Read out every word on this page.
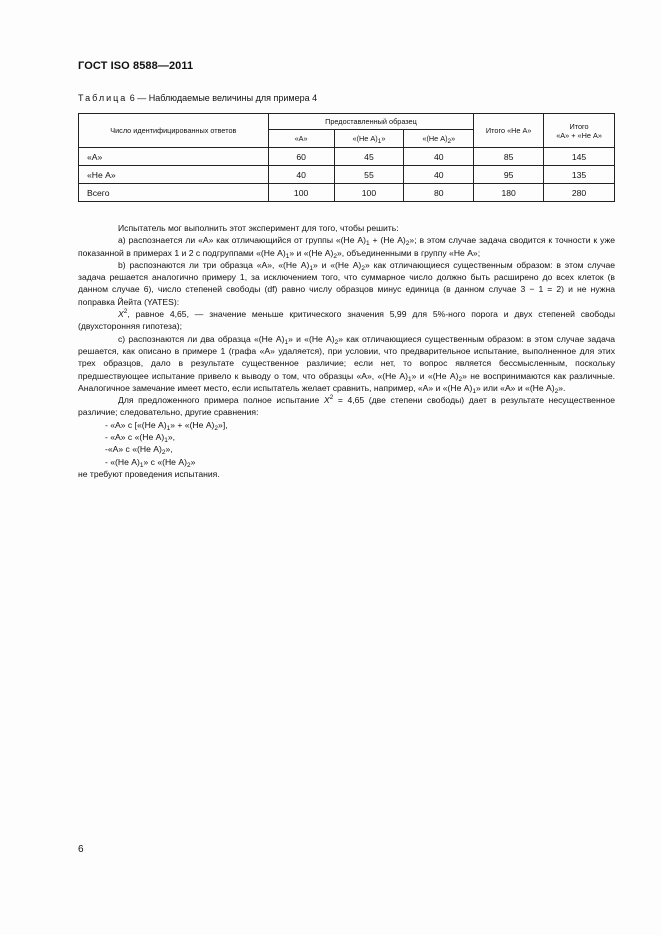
ГОСТ ISO 8588—2011
Таблица 6 — Наблюдаемые величины для примера 4
Число идентифицированных ответов	Предоставленный образец			Итого «Не А»	Итого
«А» + «Не А»
	«А»	«(Не $А)_1$»	«(Не $А)_2$»		
«А»	60	45	40	85	145
«Не А»	40	55	40	95	135
Всего	100	100	80	180	280

Испытатель мог выполнить этот эксперимент для того, чтобы решить:

a) распознается ли «А» как отличающийся от группы «(Не $А)_1 + (Не$ $А)_2$»; в этом случае задача сводится к точности к уже показанной в примерах 1 и 2 с подгруппами «(Не $А)_1$» и «(Не $А)_2$», объединенными в группу «Не А»;

b) распознаются ли три образца «А», «(Не $А)_1$» и «(Не $А)_2$» как отличающиеся существенным образом: в этом случае задача решается аналогично примеру 1, за исключением того, что суммарное число должно быть расширено до всех клеток (в данном случае 6), число степеней свободы (df) равно числу образцов минус единица (в данном случае 3 − 1 = 2) и не нужна поправка Йейта (YATES):

$X^2$, равное 4,65, — значение меньше критического значения 5,99 для 5%-ного порога и двух степеней свободы (двухсторонняя гипотеза);

c) распознаются ли два образца «(Не $А)_1$» и «(Не $А)_2$» как отличающиеся существенным образом: в этом случае задача решается, как описано в примере 1 (графа «А» удаляется), при условии, что предварительное испытание, выполненное для этих трех образцов, дало в результате существенное различие; если нет, то вопрос является бессмысленным, поскольку предшествующее испытание привело к выводу о том, что образцы «А», «(Не $А)_1$» и «(Не $А)_2$» не воспринимаются как различные. Аналогичное замечание имеет место, если испытатель желает сравнить, например, «А» и «(Не $А)_1$» или «А» и «(Не $А)_2$».

Для предложенного примера полное испытание $X^2 = 4,65$ (две степени свободы) дает в результате несущественное различие; следовательно, другие сравнения:

- «А» с [«(Не $А)_1$» + «(Не $А)_2$»],

- «А» с «(Не $А)_1$»,

-«А» с «(Не $А)_2$»,

- «(Не $А)_1$» с «(Не $А)_2$»

не требуют проведения испытания.

6
